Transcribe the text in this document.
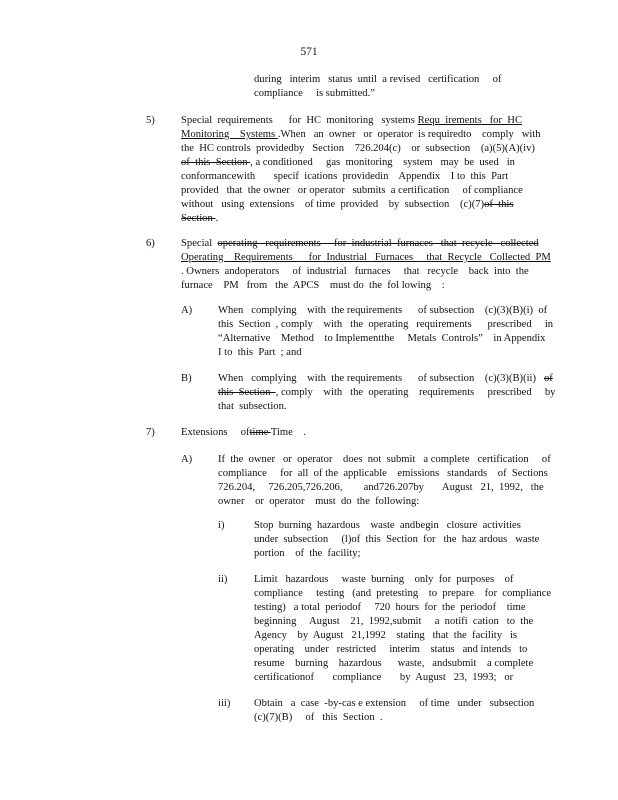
571
during   interim   status  until  a revised   certification     of
compliance     is submitted.”
5) Special  requirements      for  HC  monitoring   systems Requ  irements   for  HC
Monitoring    Systems .When   an  owner   or  operator  is requiredto    comply   with
the  HC controls  providedby   Section    726.204(c)    or  subsection    (a)(5)(A)(iv)
of  this  Section , a conditioned     gas  monitoring    system   may  be  used   in
conformancewith       specif  ications  providedin    Appendix    I to  this  Part
provided   that  the owner   or operator   submits  a certification     of compliance
without   using  extensions    of time  provided    by  subsection    (c)(7)of  this
Section .
6) Special  operating   requirements     for  industrial  furnaces   that  recycle   collected
Operating    Requirements      for  Industrial   Furnaces     that  Recycle   Collected  PM
. Owners  andoperators     of  industrial   furnaces     that   recycle    back  into  the
furnace    PM   from   the  APCS    must do  the  fol lowing    :
A) When   complying    with  the requirements      of subsection    (c)(3)(B)(i)  of
this  Section  , comply    with   the  operating   requirements      prescribed     in
“Alternative    Method    to Implementthe     Metals  Controls”    in Appendix
I to  this  Part  ; and
B) When   complying    with  the requirements      of subsection    (c)(3)(B)(ii)   of
this  Section  , comply    with   the  operating    requirements     prescribed     by
that  subsection.
7) Extensions     oftime Time    .
A) If  the  owner   or  operator    does  not  submit   a complete   certification     of
compliance     for  all  of the  applicable    emissions   standards    of  Sections
726.204,     726.205,726.206,        and726.207by       August   21,  1992,   the
owner    or  operator    must  do  the  following:
i)	Stop  burning  hazardous    waste  andbegin   closure  activities
under  subsection     (l)of  this  Section  for   the  haz ardous   waste
portion    of  the  facility;
ii)	Limit   hazardous     waste  burning    only  for  purposes    of
compliance     testing   (and  pretesting    to  prepare    for  compliance
testing)   a total  periodof     720  hours  for  the  periodof    time
beginning     August    21,  1992,submit     a  notifi  cation   to  the
Agency    by  August   21,1992    stating   that  the  facility   is
operating    under   restricted     interim    status   and intends   to
resume    burning    hazardous      waste,   andsubmit    a complete
certificationof       compliance       by  August   23,  1993;   or
iii) Obtain   a  case  -by-cas e extension     of time   under   subsection
(c)(7)(B)     of   this  Section  .
